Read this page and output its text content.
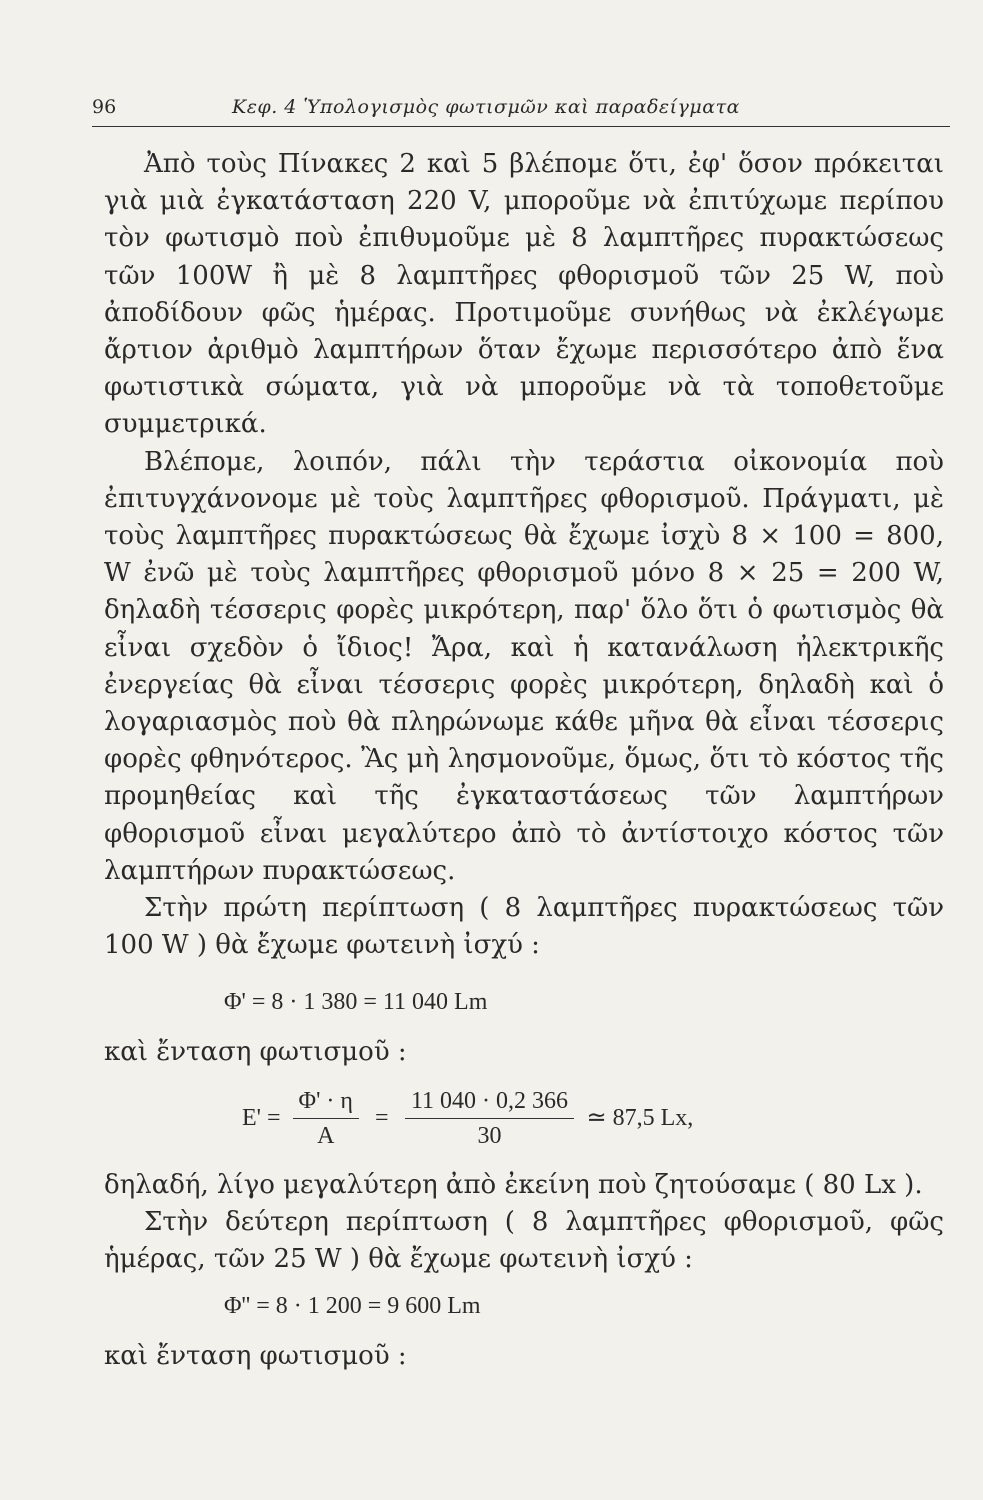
96	Κεφ. 4 Ὑπολογισμὸς φωτισμῶν καὶ παραδείγματα

Ἀπὸ τοὺς Πίνακες 2 καὶ 5 βλέπομε ὅτι, ἐφ' ὅσον πρόκειται γιὰ μιὰ ἐγκατάσταση 220 V, μποροῦμε νὰ ἐπιτύχωμε περίπου τὸν φωτισμὸ ποὺ ἐπιθυμοῦμε μὲ 8 λαμπτῆρες πυρακτώσεως τῶν 100W ἢ μὲ 8 λαμπτῆρες φθορισμοῦ τῶν 25 W, ποὺ ἀποδίδουν φῶς ἡμέρας. Προτιμοῦμε συνήθως νὰ ἐκλέγωμε ἄρτιον ἀριθμὸ λαμπτήρων ὅταν ἔχωμε περισσότερο ἀπὸ ἕνα φωτιστικὰ σώματα, γιὰ νὰ μποροῦμε νὰ τὰ τοποθετοῦμε συμμετρικά.

Βλέπομε, λοιπόν, πάλι τὴν τεράστια οἰκονομία ποὺ ἐπιτυγχάνονομε μὲ τοὺς λαμπτῆρες φθορισμοῦ. Πράγματι, μὲ τοὺς λαμπτῆρες πυρακτώσεως θὰ ἔχωμε ἰσχὺ 8 × 100 = 800, W ἐνῶ μὲ τοὺς λαμπτῆρες φθορισμοῦ μόνο 8 × 25 = 200 W, δηλαδὴ τέσσερις φορὲς μικρότερη, παρ' ὅλο ὅτι ὁ φωτισμὸς θὰ εἶναι σχεδὸν ὁ ἴδιος! Ἄρα, καὶ ἡ κατανάλωση ἠλεκτρικῆς ἐνεργείας θὰ εἶναι τέσσερις φορὲς μικρότερη, δηλαδὴ καὶ ὁ λογαριασμὸς ποὺ θὰ πληρώνωμε κάθε μῆνα θὰ εἶναι τέσσερις φορὲς φθηνότερος. Ἂς μὴ λησμονοῦμε, ὅμως, ὅτι τὸ κόστος τῆς προμηθείας καὶ τῆς ἐγκαταστάσεως τῶν λαμπτήρων φθορισμοῦ εἶναι μεγαλύτερο ἀπὸ τὸ ἀντίστοιχο κόστος τῶν λαμπτήρων πυρακτώσεως.

Στὴν πρώτη περίπτωση ( 8 λαμπτῆρες πυρακτώσεως τῶν 100 W ) θὰ ἔχωμε φωτεινὴ ἰσχύ :

Φ' = 8 · 1 380 = 11 040 Lm

καὶ ἔνταση φωτισμοῦ :

$E' = \frac{\Phi' \cdot \eta}{A} = \frac{11 040 \cdot 0,2 366}{30}$ ≃ 87,5 Lx,

δηλαδή, λίγο μεγαλύτερη ἀπὸ ἐκείνη ποὺ ζητούσαμε ( 80 Lx ).

Στὴν δεύτερη περίπτωση ( 8 λαμπτῆρες φθορισμοῦ, φῶς ἡμέρας, τῶν 25 W ) θὰ ἔχωμε φωτεινὴ ἰσχύ :

Φ'' = 8 · 1 200 = 9 600 Lm

καὶ ἔνταση φωτισμοῦ :
